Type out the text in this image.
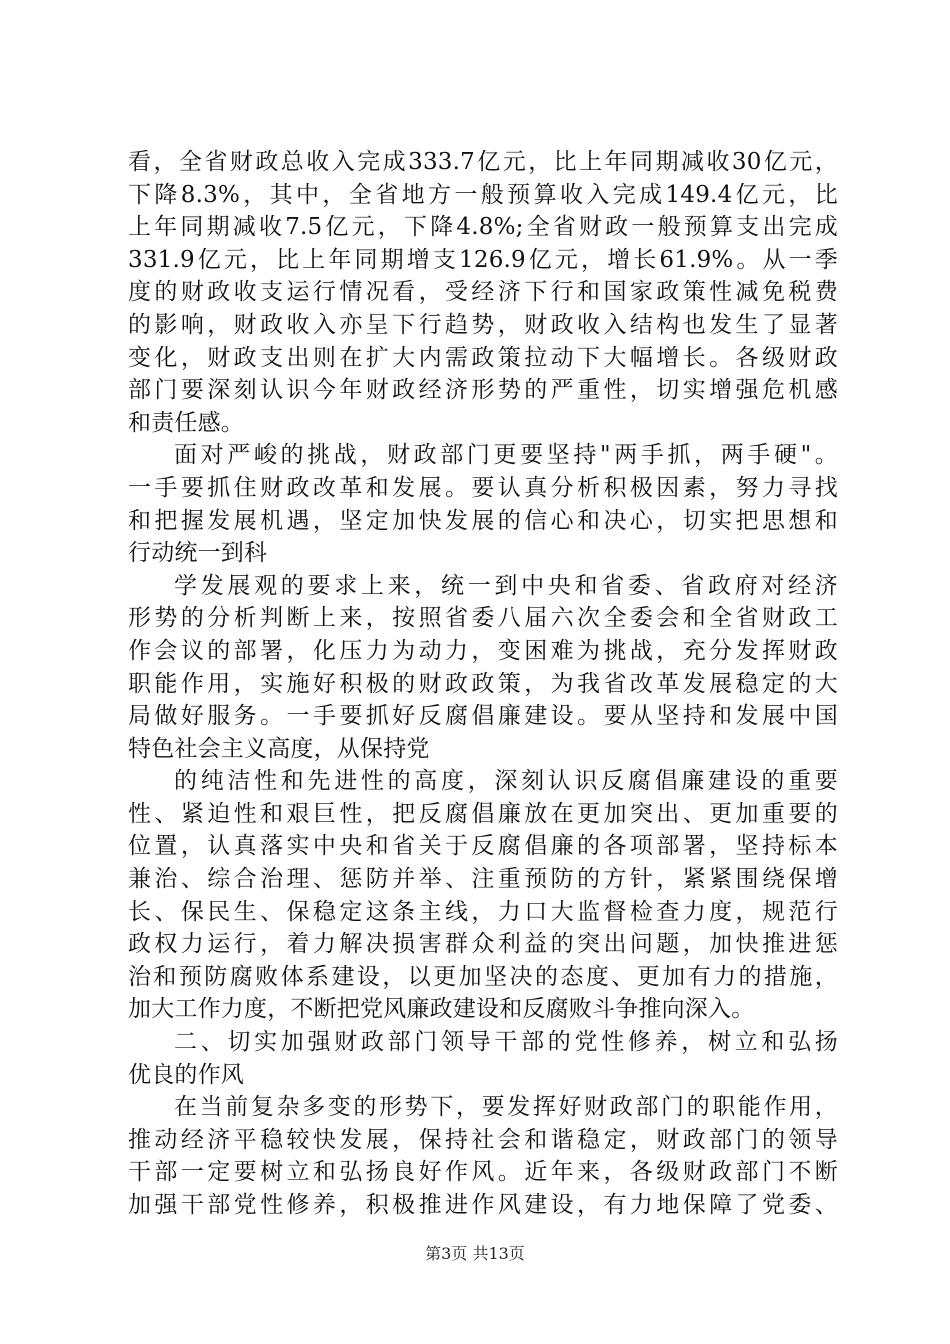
看，全省财政总收入完成333.7亿元，比上年同期减收30亿元，
下降8.3%，其中，全省地方一般预算收入完成149.4亿元，比
上年同期减收7.5亿元，下降4.8%;全省财政一般预算支出完成
331.9亿元，比上年同期增支126.9亿元，增长61.9%。从一季
度的财政收支运行情况看，受经济下行和国家政策性减免税费
的影响，财政收入亦呈下行趋势，财政收入结构也发生了显著
变化，财政支出则在扩大内需政策拉动下大幅增长。各级财政
部门要深刻认识今年财政经济形势的严重性，切实增强危机感
和责任感。
面对严峻的挑战，财政部门更要坚持"两手抓，两手硬"。
一手要抓住财政改革和发展。要认真分析积极因素，努力寻找
和把握发展机遇，坚定加快发展的信心和决心，切实把思想和
行动统一到科
学发展观的要求上来，统一到中央和省委、省政府对经济
形势的分析判断上来，按照省委八届六次全委会和全省财政工
作会议的部署，化压力为动力，变困难为挑战，充分发挥财政
职能作用，实施好积极的财政政策，为我省改革发展稳定的大
局做好服务。一手要抓好反腐倡廉建设。要从坚持和发展中国
特色社会主义高度，从保持党
的纯洁性和先进性的高度，深刻认识反腐倡廉建设的重要
性、紧迫性和艰巨性，把反腐倡廉放在更加突出、更加重要的
位置，认真落实中央和省关于反腐倡廉的各项部署，坚持标本
兼治、综合治理、惩防并举、注重预防的方针，紧紧围绕保增
长、保民生、保稳定这条主线，力口大监督检查力度，规范行
政权力运行，着力解决损害群众利益的突出问题，加快推进惩
治和预防腐败体系建设，以更加坚决的态度、更加有力的措施，
加大工作力度，不断把党风廉政建设和反腐败斗争推向深入。
二、切实加强财政部门领导干部的党性修养，树立和弘扬
优良的作风
在当前复杂多变的形势下，要发挥好财政部门的职能作用，
推动经济平稳较快发展，保持社会和谐稳定，财政部门的领导
干部一定要树立和弘扬良好作风。近年来，各级财政部门不断
加强干部党性修养，积极推进作风建设，有力地保障了党委、
第3页 共13页
